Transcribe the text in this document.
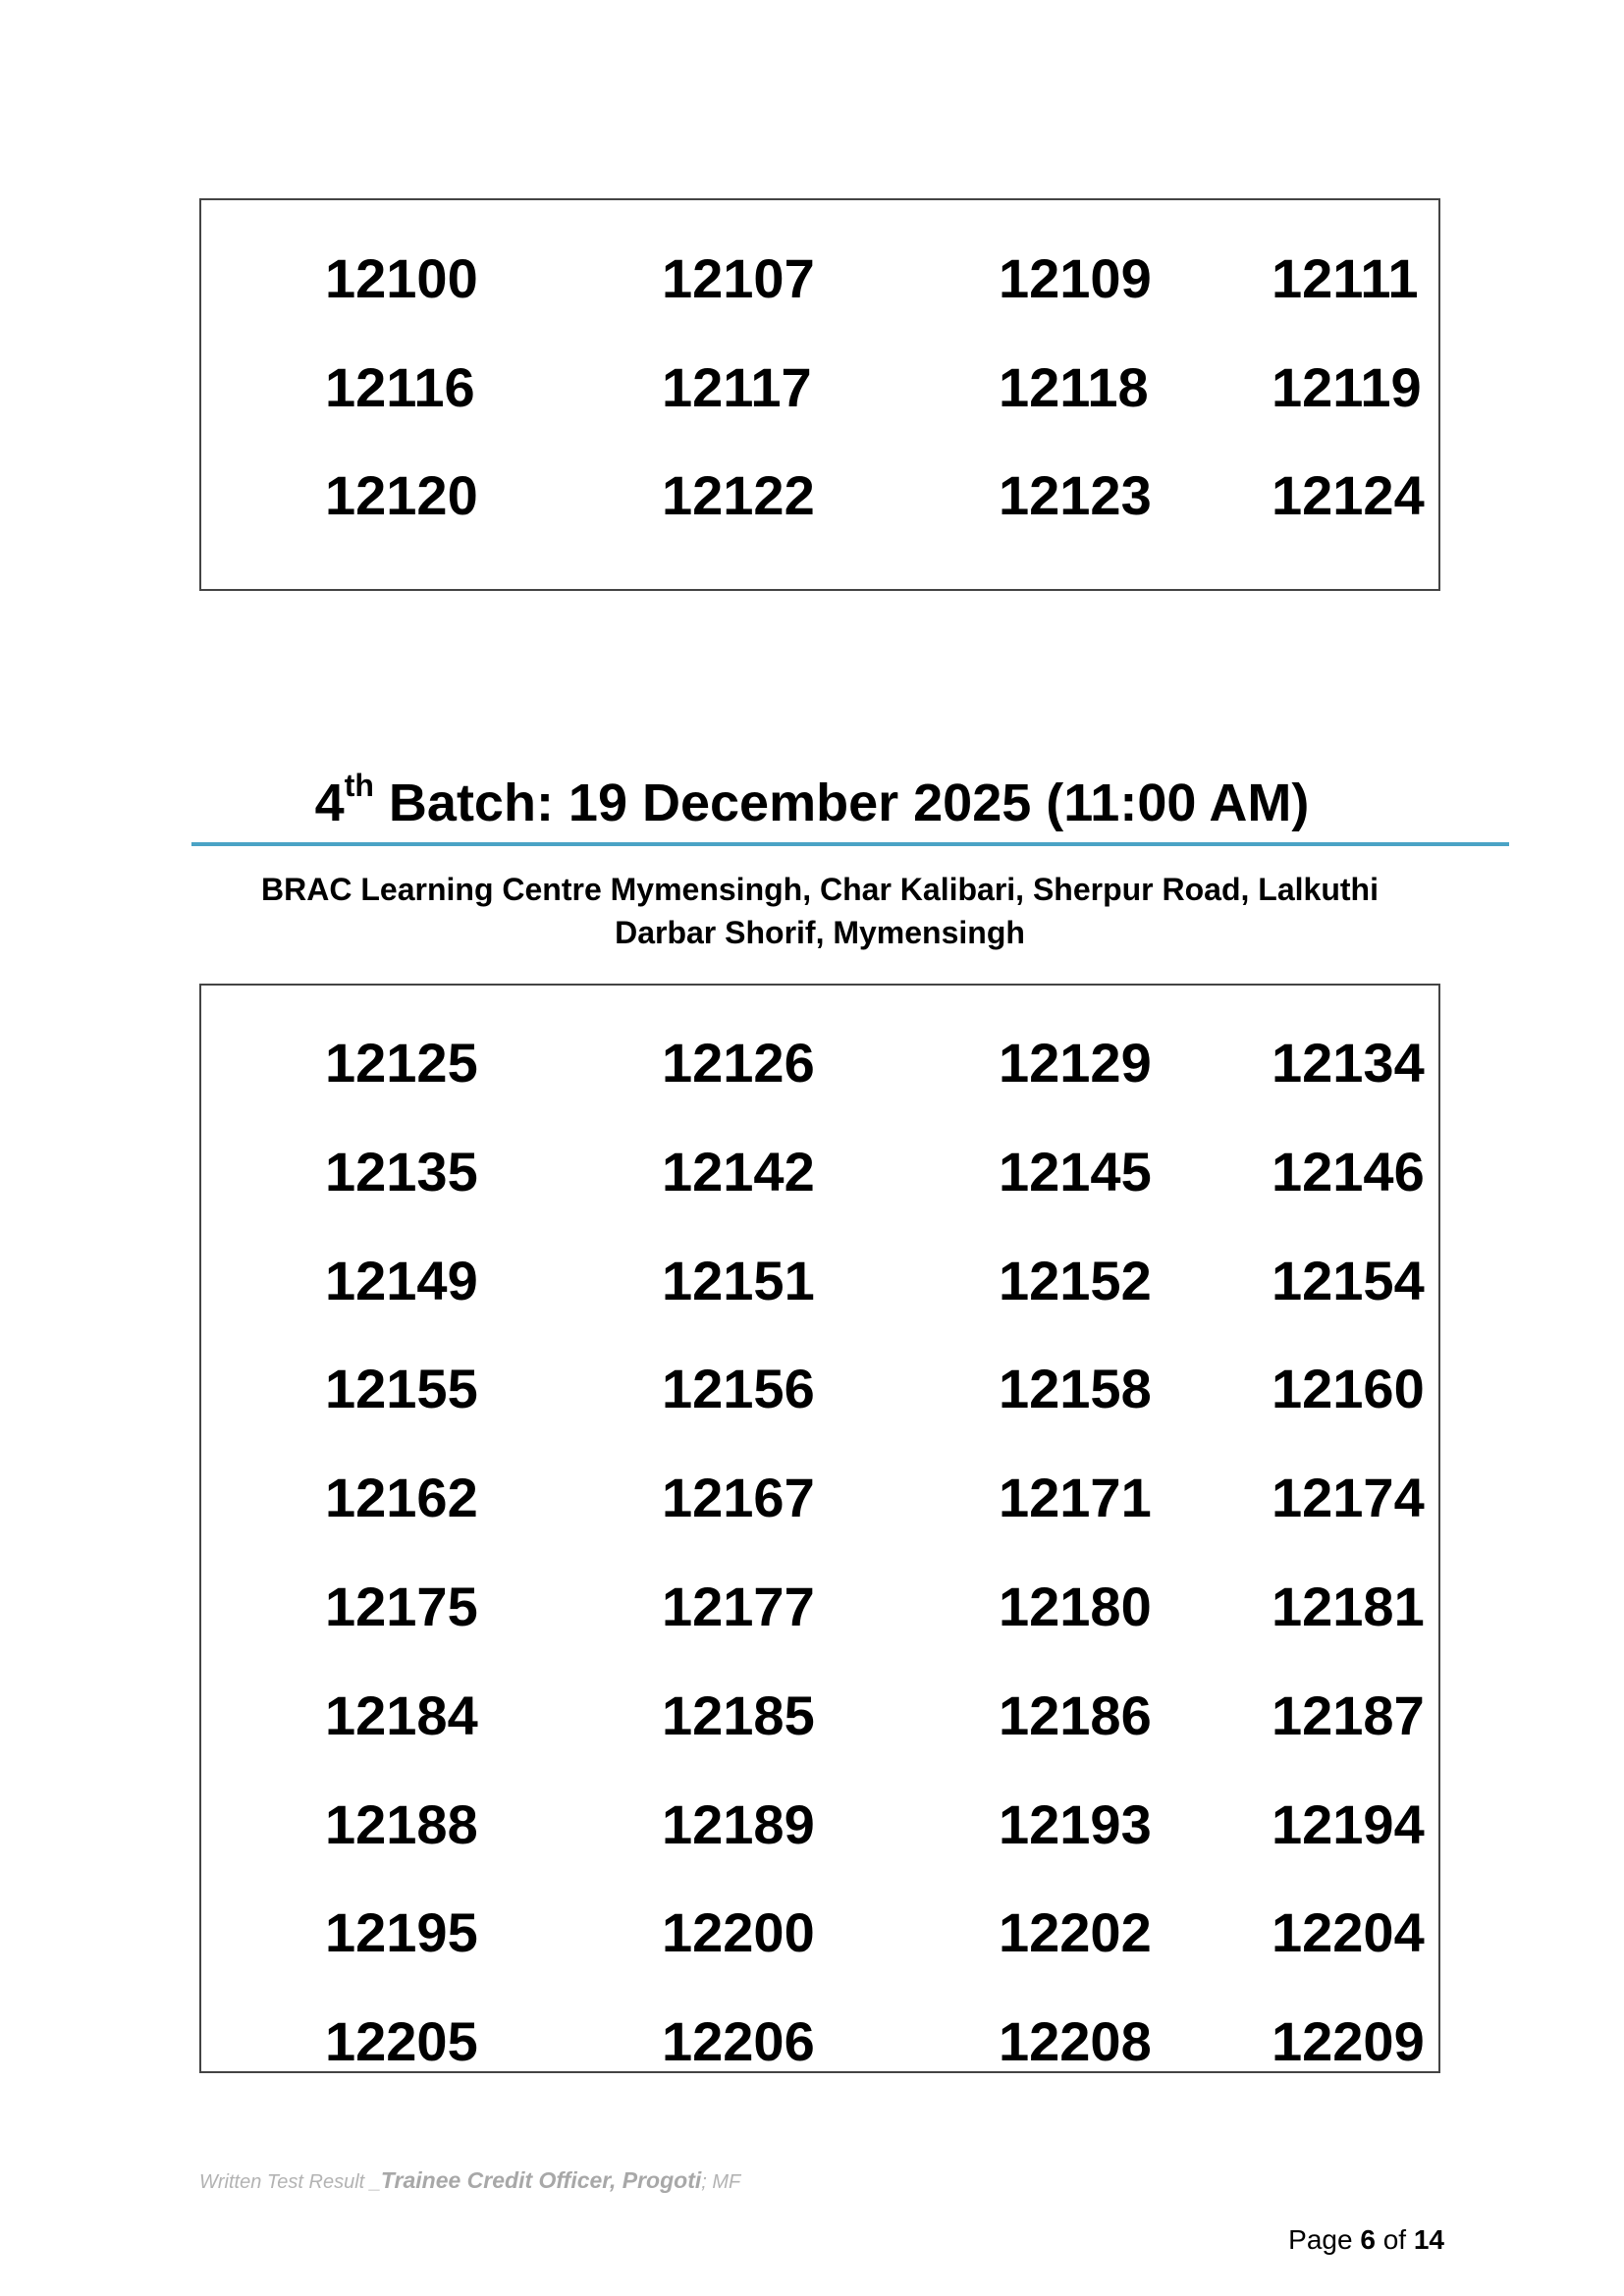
12100	12107	12109 12111
12116	12117	12118 12119
12120	12122	12123 12124
4th Batch: 19 December 2025 (11:00 AM)
BRAC Learning Centre Mymensingh, Char Kalibari, Sherpur Road, Lalkuthi
Darbar Shorif, Mymensingh
12125	12126	12129 12134
12135	12142	12145 12146
12149	12151	12152 12154
12155	12156	12158 12160
12162	12167	12171 12174
12175	12177	12180 12181
12184	12185	12186 12187
12188	12189	12193 12194
12195	12200	12202 12204
12205	12206	12208 12209
Written Test Result _Trainee Credit Officer, Progoti; MF
Page 6 of 14
